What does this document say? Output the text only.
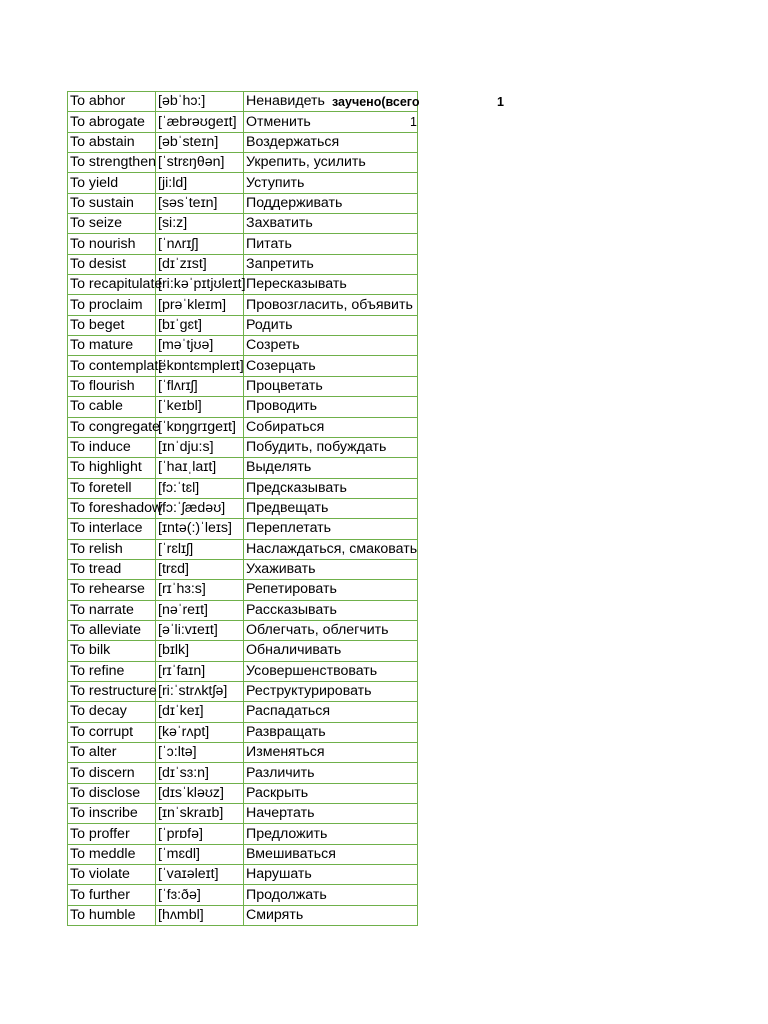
To abhor	[əbˈhɔ:]	Ненавидеть
To abrogate	[ˈæbrəʊgeɪt]	Отменить
To abstain	[əbˈsteɪn]	Воздержаться
To strengthen	[ˈstrɛŋθən]	Укрепить, усилить
To yield	[ji:ld]	Уступить
To sustain	[səsˈteɪn]	Поддерживать
To seize	[si:z]	Захватить
To nourish	[ˈnʌrɪʃ]	Питать
To desist	[dɪˈzɪst]	Запретить
To recapitulate	[ri:kəˈpɪtjʊleɪt]	Пересказывать
To proclaim	[prəˈkleɪm]	Провозгласить, объявить
To beget	[bɪˈgɛt]	Родить
To mature	[məˈtjʊə]	Созреть
To contemplate	[ˈkɒntɛmpleɪt]	Созерцать
To flourish	[ˈflʌrɪʃ]	Процветать
To cable	[ˈkeɪbl]	Проводить
To congregate	[ˈkɒŋgrɪgeɪt]	Собираться
To induce	[ɪnˈdju:s]	Побудить, побуждать
To highlight	[ˈhaɪˌlaɪt]	Выделять
To foretell	[fɔ:ˈtɛl]	Предсказывать
To foreshadow	[fɔ:ˈʃædəʊ]	Предвещать
To interlace	[ɪntə(:)ˈleɪs]	Переплетать
To relish	[ˈrɛlɪʃ]	Наслаждаться, смаковать
To tread	[trɛd]	Ухаживать
To rehearse	[rɪˈhɜ:s]	Репетировать
To narrate	[nəˈreɪt]	Рассказывать
To alleviate	[əˈli:vɪeɪt]	Облегчать, облегчить
To bilk	[bɪlk]	Обналичивать
To refine	[rɪˈfaɪn]	Усовершенствовать
To restructure	[ri:ˈstrʌktʃə]	Реструктурировать
To decay	[dɪˈkeɪ]	Распадаться
To corrupt	[kəˈrʌpt]	Развращать
To alter	[ˈɔ:ltə]	Изменяться
To discern	[dɪˈsɜ:n]	Различить
To disclose	[dɪsˈkləʊz]	Раскрыть
To inscribe	[ɪnˈskraɪb]	Начертать
To proffer	[ˈprɒfə]	Предложить
To meddle	[ˈmɛdl]	Вмешиваться
To violate	[ˈvaɪəleɪt]	Нарушать
To further	[ˈfɜ:ðə]	Продолжать
To humble	[hʌmbl]	Смирять
заучено(всего	1
1
